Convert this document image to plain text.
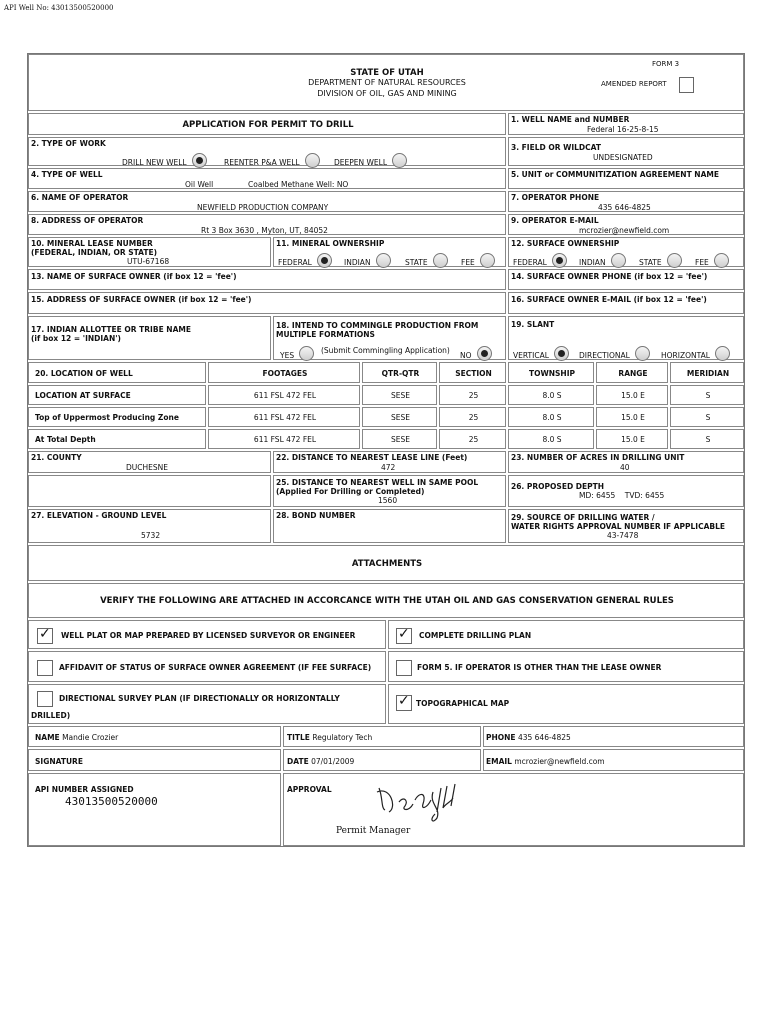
API Well No: 43013500520000
FORM 3
AMENDED REPORT
STATE OF UTAH
DEPARTMENT OF NATURAL RESOURCES
DIVISION OF OIL, GAS AND MINING
APPLICATION FOR PERMIT TO DRILL
1. WELL NAME and NUMBER
Federal 16-25-8-15
2. TYPE OF WORK
DRILL NEW WELL	REENTER P&A WELL	DEEPEN WELL
3. FIELD OR WILDCAT
UNDESIGNATED
4. TYPE OF WELL
Oil Well	Coalbed Methane Well: NO
5. UNIT or COMMUNITIZATION AGREEMENT NAME
6. NAME OF OPERATOR
NEWFIELD PRODUCTION COMPANY
7. OPERATOR PHONE
435 646-4825
8. ADDRESS OF OPERATOR
Rt 3 Box 3630 , Myton, UT, 84052
9. OPERATOR E-MAIL
mcrozier@newfield.com
10. MINERAL LEASE NUMBER
(FEDERAL, INDIAN, OR STATE)
UTU-67168
11. MINERAL OWNERSHIP
FEDERAL	INDIAN	STATE	FEE
12. SURFACE OWNERSHIP
FEDERAL	INDIAN	STATE	FEE
13. NAME OF SURFACE OWNER (if box 12 = 'fee')	14. SURFACE OWNER PHONE (if box 12 = 'fee')
15. ADDRESS OF SURFACE OWNER (if box 12 = 'fee')	16. SURFACE OWNER E-MAIL (if box 12 = 'fee')
17. INDIAN ALLOTTEE OR TRIBE NAME
(if box 12 = 'INDIAN')
18. INTEND TO COMMINGLE PRODUCTION FROM
MULTIPLE FORMATIONS
YES
(Submit Commingling Application)
NO
19. SLANT
VERTICAL	DIRECTIONAL	HORIZONTAL
20. LOCATION OF WELL	FOOTAGES	QTR-QTR	SECTION	TOWNSHIP	RANGE	MERIDIAN
LOCATION AT SURFACE	611 FSL 472 FEL	SESE	25	8.0 S	15.0 E	S
Top of Uppermost Producing Zone	611 FSL 472 FEL	SESE	25	8.0 S	15.0 E	S
At Total Depth	611 FSL 472 FEL	SESE	25	8.0 S	15.0 E	S
21. COUNTY
DUCHESNE
22. DISTANCE TO NEAREST LEASE LINE (Feet)
472
23. NUMBER OF ACRES IN DRILLING UNIT
40
25. DISTANCE TO NEAREST WELL IN SAME POOL
(Applied For Drilling or Completed)
1560
26. PROPOSED DEPTH
MD: 6455    TVD: 6455
27. ELEVATION - GROUND LEVEL
5732
28. BOND NUMBER	29. SOURCE OF DRILLING WATER /
WATER RIGHTS APPROVAL NUMBER IF APPLICABLE
43-7478
ATTACHMENTS
VERIFY THE FOLLOWING ARE ATTACHED IN ACCORCANCE WITH THE UTAH OIL AND GAS CONSERVATION GENERAL RULES
✓
WELL PLAT OR MAP PREPARED BY LICENSED SURVEYOR OR ENGINEER
✓	COMPLETE DRILLING PLAN
AFFIDAVIT OF STATUS OF SURFACE OWNER AGREEMENT (IF FEE SURFACE)	FORM 5. IF OPERATOR IS OTHER THAN THE LEASE OWNER
DIRECTIONAL SURVEY PLAN (IF DIRECTIONALLY OR HORIZONTALLY
DRILLED)
✓
TOPOGRAPHICAL MAP
NAME Mandie Crozier	TITLE Regulatory Tech	PHONE 435 646-4825
SIGNATURE	DATE 07/01/2009	EMAIL mcrozier@newfield.com
API NUMBER ASSIGNED
43013500520000
APPROVAL
Permit Manager
